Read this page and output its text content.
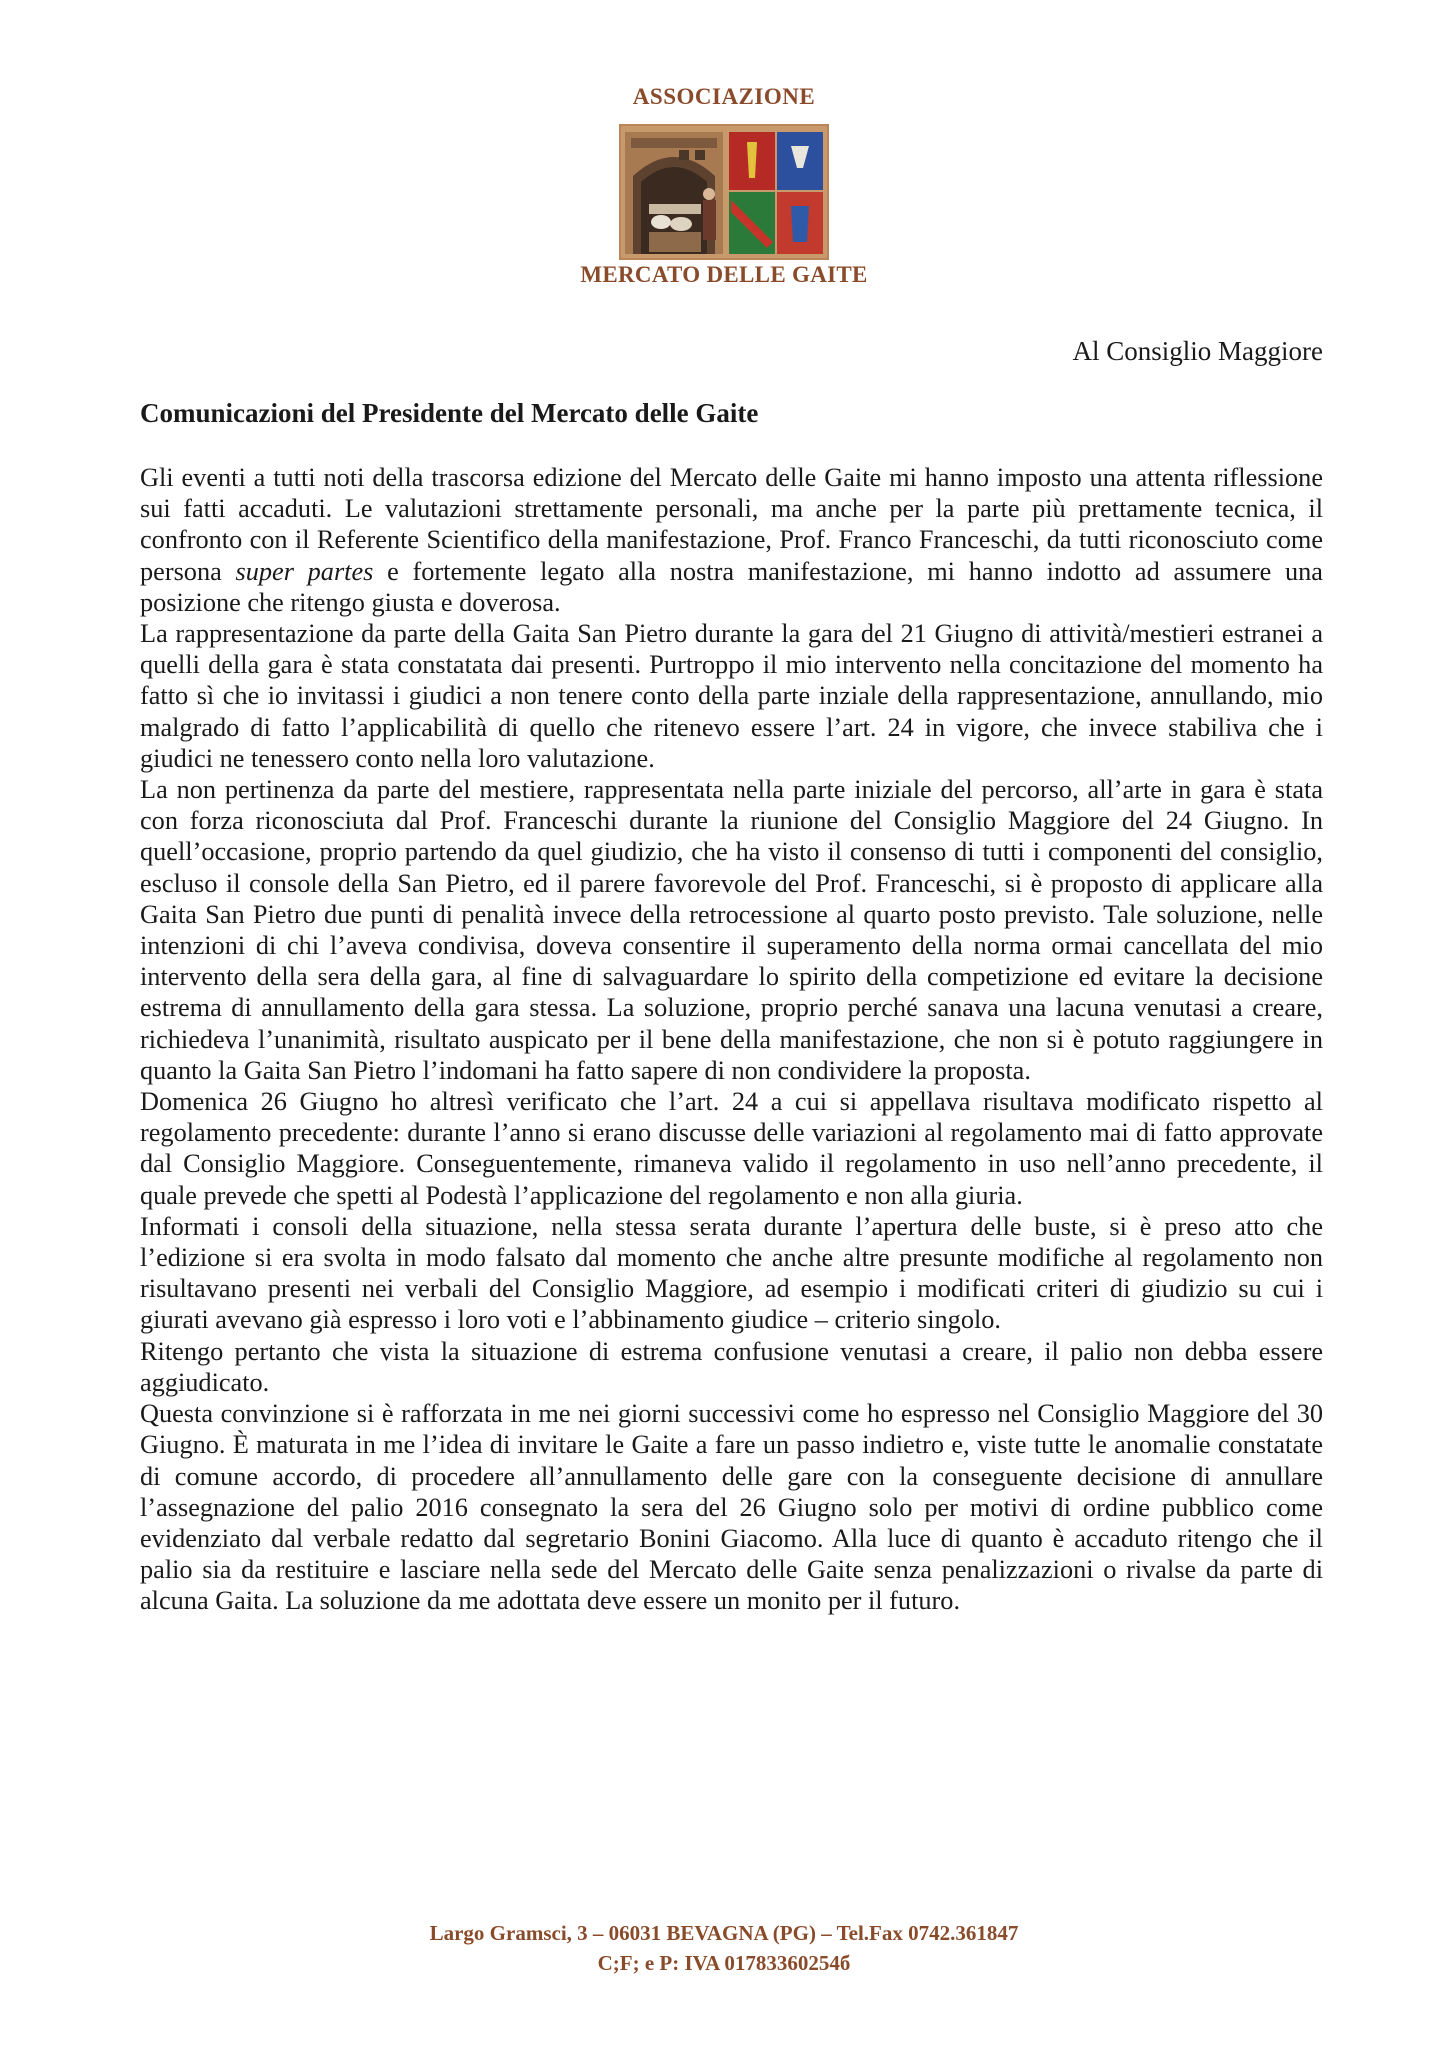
ASSOCIAZIONE
MERCATO DELLE GAITE
Al Consiglio Maggiore
Comunicazioni del Presidente del Mercato delle Gaite

Gli eventi a tutti noti della trascorsa edizione del Mercato delle Gaite mi hanno imposto una attenta riflessione sui fatti accaduti. Le valutazioni strettamente personali, ma anche per la parte più prettamente tecnica, il confronto con il Referente Scientifico della manifestazione, Prof. Franco Franceschi, da tutti riconosciuto come persona super partes e fortemente legato alla nostra manifestazione, mi hanno indotto ad assumere una posizione che ritengo giusta e doverosa.

La rappresentazione da parte della Gaita San Pietro durante la gara del 21 Giugno di attività/mestieri estranei a quelli della gara è stata constatata dai presenti. Purtroppo il mio intervento nella concitazione del momento ha fatto sì che io invitassi i giudici a non tenere conto della parte inziale della rappresentazione, annullando, mio malgrado di fatto l’applicabilità di quello che ritenevo essere l’art. 24 in vigore, che invece stabiliva che i giudici ne tenessero conto nella loro valutazione.

La non pertinenza da parte del mestiere, rappresentata nella parte iniziale del percorso, all’arte in gara è stata con forza riconosciuta dal Prof. Franceschi durante la riunione del Consiglio Maggiore del 24 Giugno. In quell’occasione, proprio partendo da quel giudizio, che ha visto il consenso di tutti i componenti del consiglio, escluso il console della San Pietro, ed il parere favorevole del Prof. Franceschi, si è proposto di applicare alla Gaita San Pietro due punti di penalità invece della retrocessione al quarto posto previsto. Tale soluzione, nelle intenzioni di chi l’aveva condivisa, doveva consentire il superamento della norma ormai cancellata del mio intervento della sera della gara, al fine di salvaguardare lo spirito della competizione ed evitare la decisione estrema di annullamento della gara stessa. La soluzione, proprio perché sanava una lacuna venutasi a creare, richiedeva l’unanimità, risultato auspicato per il bene della manifestazione, che non si è potuto raggiungere in quanto la Gaita San Pietro l’indomani ha fatto sapere di non condividere la proposta.

Domenica 26 Giugno ho altresì verificato che l’art. 24 a cui si appellava risultava modificato rispetto al regolamento precedente: durante l’anno si erano discusse delle variazioni al regolamento mai di fatto approvate dal Consiglio Maggiore. Conseguentemente, rimaneva valido il regolamento in uso nell’anno precedente, il quale prevede che spetti al Podestà l’applicazione del regolamento e non alla giuria.

Informati i consoli della situazione, nella stessa serata durante l’apertura delle buste, si è preso atto che l’edizione si era svolta in modo falsato dal momento che anche altre presunte modifiche al regolamento non risultavano presenti nei verbali del Consiglio Maggiore, ad esempio i modificati criteri di giudizio su cui i giurati avevano già espresso i loro voti e l’abbinamento giudice – criterio singolo.

Ritengo pertanto che vista la situazione di estrema confusione venutasi a creare, il palio non debba essere aggiudicato.

Questa convinzione si è rafforzata in me nei giorni successivi come ho espresso nel Consiglio Maggiore del 30 Giugno. È maturata in me l’idea di invitare le Gaite a fare un passo indietro e, viste tutte le anomalie constatate di comune accordo, di procedere all’annullamento delle gare con la conseguente decisione di annullare l’assegnazione del palio 2016 consegnato la sera del 26 Giugno solo per motivi di ordine pubblico come evidenziato dal verbale redatto dal segretario Bonini Giacomo. Alla luce di quanto è accaduto ritengo che il palio sia da restituire e lasciare nella sede del Mercato delle Gaite senza penalizzazioni o rivalse da parte di alcuna Gaita. La soluzione da me adottata deve essere un monito per il futuro.

Largo Gramsci, 3 – 06031 BEVAGNA (PG) – Tel.Fax 0742.361847
C;F; e P: IVA 01783360254б
